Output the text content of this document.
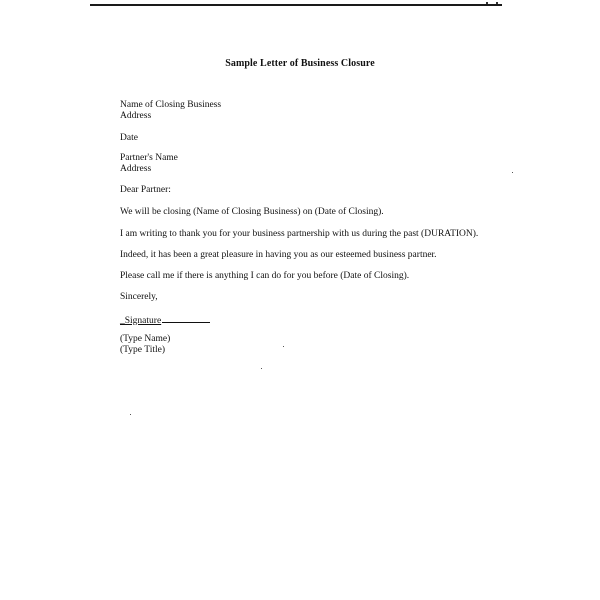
Sample Letter of Business Closure
Name of Closing Business
Address
Date
Partner's Name
Address
Dear Partner:
We will be closing (Name of Closing Business) on (Date of Closing).
I am writing to thank you for your business partnership with us during the past (DURATION).
Indeed, it has been a great pleasure in having you as our esteemed business partner.
Please call me if there is anything I can do for you before (Date of Closing).
Sincerely,
_Signature
(Type Name)
(Type Title)
